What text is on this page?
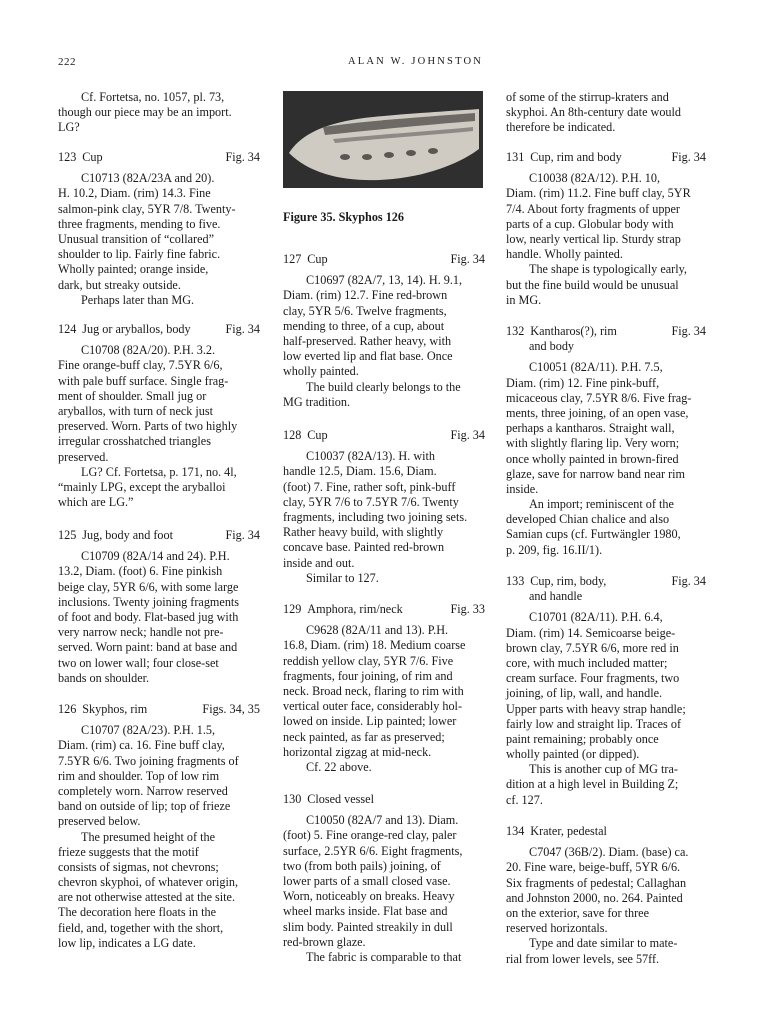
222	ALAN W. JOHNSTON
Figure 35. Skyphos 126
Cf. Fortetsa, no. 1057, pl. 73,
though our piece may be an import.
LG?
123 Cup	Fig. 34
C10713 (82A/23A and 20).
H. 10.2, Diam. (rim) 14.3. Fine
salmon-pink clay, 5YR 7/8. Twenty-
three fragments, mending to five.
Unusual transition of “collared”
shoulder to lip. Fairly fine fabric.
Wholly painted; orange inside,
dark, but streaky outside.
Perhaps later than MG.
124 Jug or aryballos, body	Fig. 34
C10708 (82A/20). P.H. 3.2.
Fine orange-buff clay, 7.5YR 6/6,
with pale buff surface. Single frag-
ment of shoulder. Small jug or
aryballos, with turn of neck just
preserved. Worn. Parts of two highly
irregular crosshatched triangles
preserved.
LG? Cf. Fortetsa, p. 171, no. 4l,
“mainly LPG, except the aryballoi
which are LG.”
125 Jug, body and foot	Fig. 34
C10709 (82A/14 and 24). P.H.
13.2, Diam. (foot) 6. Fine pinkish
beige clay, 5YR 6/6, with some large
inclusions. Twenty joining fragments
of foot and body. Flat-based jug with
very narrow neck; handle not pre-
served. Worn paint: band at base and
two on lower wall; four close-set
bands on shoulder.
126 Skyphos, rim	Figs. 34, 35
C10707 (82A/23). P.H. 1.5,
Diam. (rim) ca. 16. Fine buff clay,
7.5YR 6/6. Two joining fragments of
rim and shoulder. Top of low rim
completely worn. Narrow reserved
band on outside of lip; top of frieze
preserved below.
The presumed height of the
frieze suggests that the motif
consists of sigmas, not chevrons;
chevron skyphoi, of whatever origin,
are not otherwise attested at the site.
The decoration here floats in the
field, and, together with the short,
low lip, indicates a LG date.
127 Cup	Fig. 34
C10697 (82A/7, 13, 14). H. 9.1,
Diam. (rim) 12.7. Fine red-brown
clay, 5YR 5/6. Twelve fragments,
mending to three, of a cup, about
half-preserved. Rather heavy, with
low everted lip and flat base. Once
wholly painted.
The build clearly belongs to the
MG tradition.
128 Cup	Fig. 34
C10037 (82A/13). H. with
handle 12.5, Diam. 15.6, Diam.
(foot) 7. Fine, rather soft, pink-buff
clay, 5YR 7/6 to 7.5YR 7/6. Twenty
fragments, including two joining sets.
Rather heavy build, with slightly
concave base. Painted red-brown
inside and out.
Similar to 127.
129 Amphora, rim/neck	Fig. 33
C9628 (82A/11 and 13). P.H.
16.8, Diam. (rim) 18. Medium coarse
reddish yellow clay, 5YR 7/6. Five
fragments, four joining, of rim and
neck. Broad neck, flaring to rim with
vertical outer face, considerably hol-
lowed on inside. Lip painted; lower
neck painted, as far as preserved;
horizontal zigzag at mid-neck.
Cf. 22 above.
130 Closed vessel
C10050 (82A/7 and 13). Diam.
(foot) 5. Fine orange-red clay, paler
surface, 2.5YR 6/6. Eight fragments,
two (from both pails) joining, of
lower parts of a small closed vase.
Worn, noticeably on breaks. Heavy
wheel marks inside. Flat base and
slim body. Painted streakily in dull
red-brown glaze.
The fabric is comparable to that
of some of the stirrup-kraters and
skyphoi. An 8th-century date would
therefore be indicated.
131 Cup, rim and body	Fig. 34
C10038 (82A/12). P.H. 10,
Diam. (rim) 11.2. Fine buff clay, 5YR
7/4. About forty fragments of upper
parts of a cup. Globular body with
low, nearly vertical lip. Sturdy strap
handle. Wholly painted.
The shape is typologically early,
but the fine build would be unusual
in MG.
132 Kantharos(?), rim	Fig. 34
and body
C10051 (82A/11). P.H. 7.5,
Diam. (rim) 12. Fine pink-buff,
micaceous clay, 7.5YR 8/6. Five frag-
ments, three joining, of an open vase,
perhaps a kantharos. Straight wall,
with slightly flaring lip. Very worn;
once wholly painted in brown-fired
glaze, save for narrow band near rim
inside.
An import; reminiscent of the
developed Chian chalice and also
Samian cups (cf. Furtwängler 1980,
p. 209, fig. 16.II/1).
133 Cup, rim, body,	Fig. 34
and handle
C10701 (82A/11). P.H. 6.4,
Diam. (rim) 14. Semicoarse beige-
brown clay, 7.5YR 6/6, more red in
core, with much included matter;
cream surface. Four fragments, two
joining, of lip, wall, and handle.
Upper parts with heavy strap handle;
fairly low and straight lip. Traces of
paint remaining; probably once
wholly painted (or dipped).
This is another cup of MG tra-
dition at a high level in Building Z;
cf. 127.
134 Krater, pedestal
C7047 (36B/2). Diam. (base) ca.
20. Fine ware, beige-buff, 5YR 6/6.
Six fragments of pedestal; Callaghan
and Johnston 2000, no. 264. Painted
on the exterior, save for three
reserved horizontals.
Type and date similar to mate-
rial from lower levels, see 57ff.
